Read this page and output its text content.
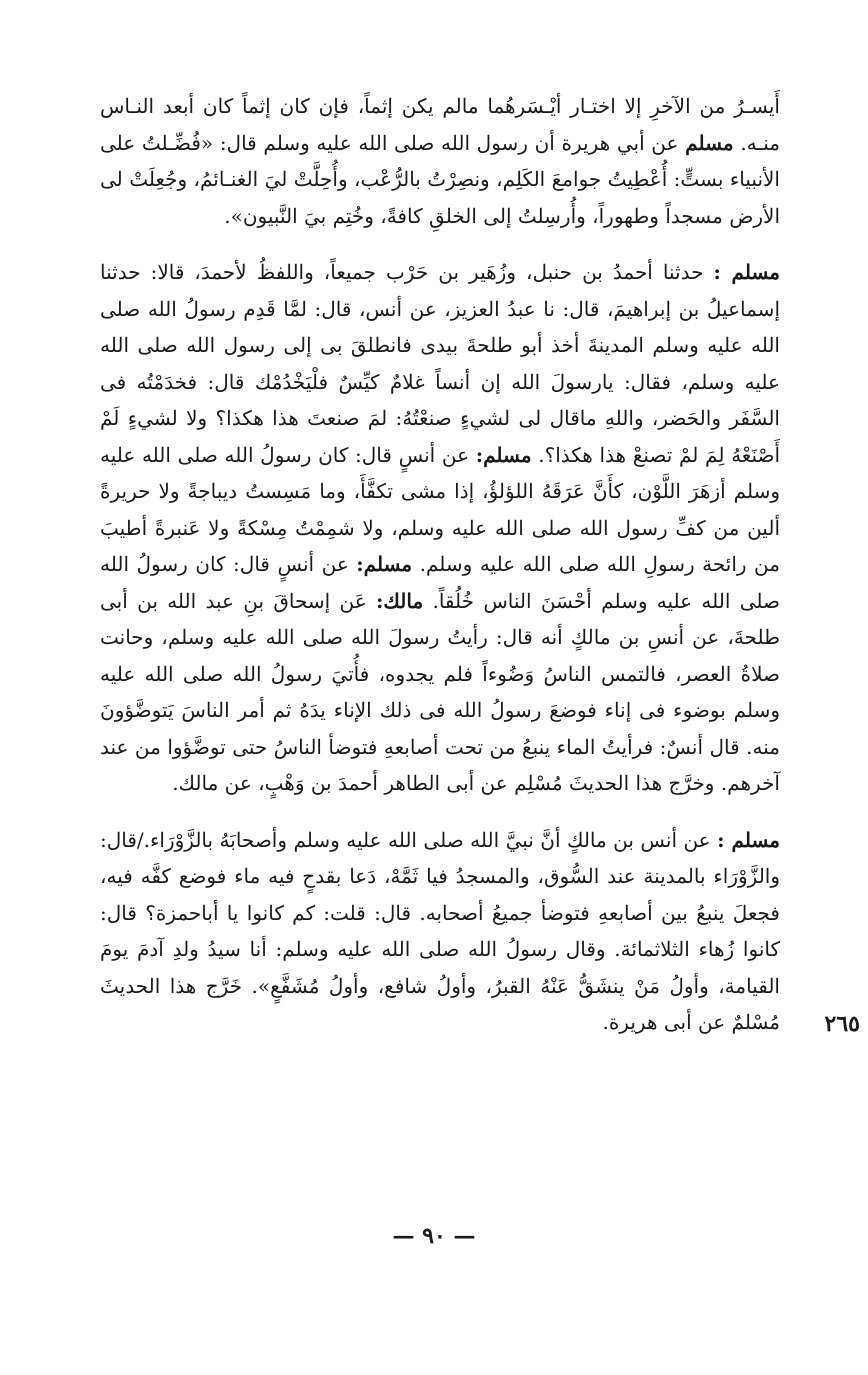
أَيسـرُ من الآخرِ إلا اختـار أيْـسَرهُما مالم يكن إثماً، فإن كان إثماً كان أبعد النـاس منـه. مسلم عن أبي هريرة أن رسول الله صلى الله عليه وسلم قال: «فُضِّـلتُ على الأنبياء بستٍّ: أُعْطِيتُ جوامعَ الكَلِم، ونصِرْتُ بالرُّعْب، وأُحِلَّتْ ليَ الغنـائمُ، وجُعِلَتْ لى الأرض مسجداً وطهوراً، وأُرسِلتُ إلى الخلقِ كافةً، وخُتِم بيَ النَّبيون».

مسلم : حدثنا أحمدُ بن حنبل، وزُهَير بن حَرْب جميعاً، واللفظُ لأحمدَ، قالا: حدثنا إسماعيلُ بن إبراهيمَ، قال: نا عبدُ العزيز، عن أنس، قال: لمَّا قَدِم رسولُ الله صلى الله عليه وسلم المدينةَ أخذ أبو طلحةَ بيدى فانطلقَ بى إلى رسول الله صلى الله عليه وسلم، فقال: يارسولَ الله إن أنساً غلامٌ كيِّسٌ فلْيَخْدُمْك قال: فخدَمْتُه فى السَّفَر والحَضر، واللهِ ماقال لى لشيءٍ صنعْتُهُ: لمَ صنعتَ هذا هكذا؟ ولا لشيءٍ لَمْ أَصْنَعْهُ لِمَ لمْ تصنعْ هذا هكذا؟. مسلم: عن أنسٍ قال: كان رسولُ الله صلى الله عليه وسلم أزهَرَ اللَّوْن، كأَنَّ عَرَقَهُ اللؤلؤُ، إذا مشى تكفَّأَ، وما مَسِستُ ديباجةً ولا حريرةً ألين من كفِّ رسول الله صلى الله عليه وسلم، ولا شمِمْتُ مِسْكةً ولا عَنبرةً أطيبَ من رائحة رسولِ الله صلى الله عليه وسلم. مسلم: عن أنسٍ قال: كان رسولُ الله صلى الله عليه وسلم أحْسَنَ الناس خُلُقاً. مالك: عَن إسحاقَ بنِ عبد الله بن أبى طلحةَ، عن أنسِ بن مالكٍ أنه قال: رأيتُ رسولَ الله صلى الله عليه وسلم، وحانت صلاةُ العصر، فالتمس الناسُ وَضُوءاً فلم يجدوه، فأُتيَ رسولُ الله صلى الله عليه وسلم بوضوء فى إناء فوضعَ رسولُ الله فى ذلك الإناء يدَهُ ثم أمر الناسَ يَتوضَّؤونَ منه. قال أنسٌ: فرأيتُ الماء ينبعُ من تحت أصابعهِ فتوضأ الناسُ حتى توضَّؤوا من عند آخرهم. وخرَّج هذا الحديثَ مُسْلِم عن أبى الطاهر أحمدَ بن وَهْبٍ، عن مالك.

مسلم : عن أنس بن مالكٍ أنَّ نبيَّ الله صلى الله عليه وسلم وأصحابَهُ بالزَّوْرَاء./قال: والزَّوْرَاء بالمدينة عند السُّوق، والمسجدُ فيا ثَمَّهْ، دَعا بقدحٍ فيه ماء فوضع كفَّه فيه، فجعلَ ينبعُ بين أصابعهِ فتوضأ جميعُ أصحابه. قال: قلت: كم كانوا يا أباحمزة؟ قال: كانوا زُهاء الثلاثمائة. وقال رسولُ الله صلى الله عليه وسلم: أنا سيدُ ولدِ آدمَ يومَ القيامة، وأولُ مَنْ ينشَقُّ عَنْهُ القبرُ، وأولُ شافع، وأولُ مُشَفَّعٍ». خَرَّج هذا الحديثَ مُسْلمٌ عن أبى هريرة.	٢٦٥
— ٩٠ —
